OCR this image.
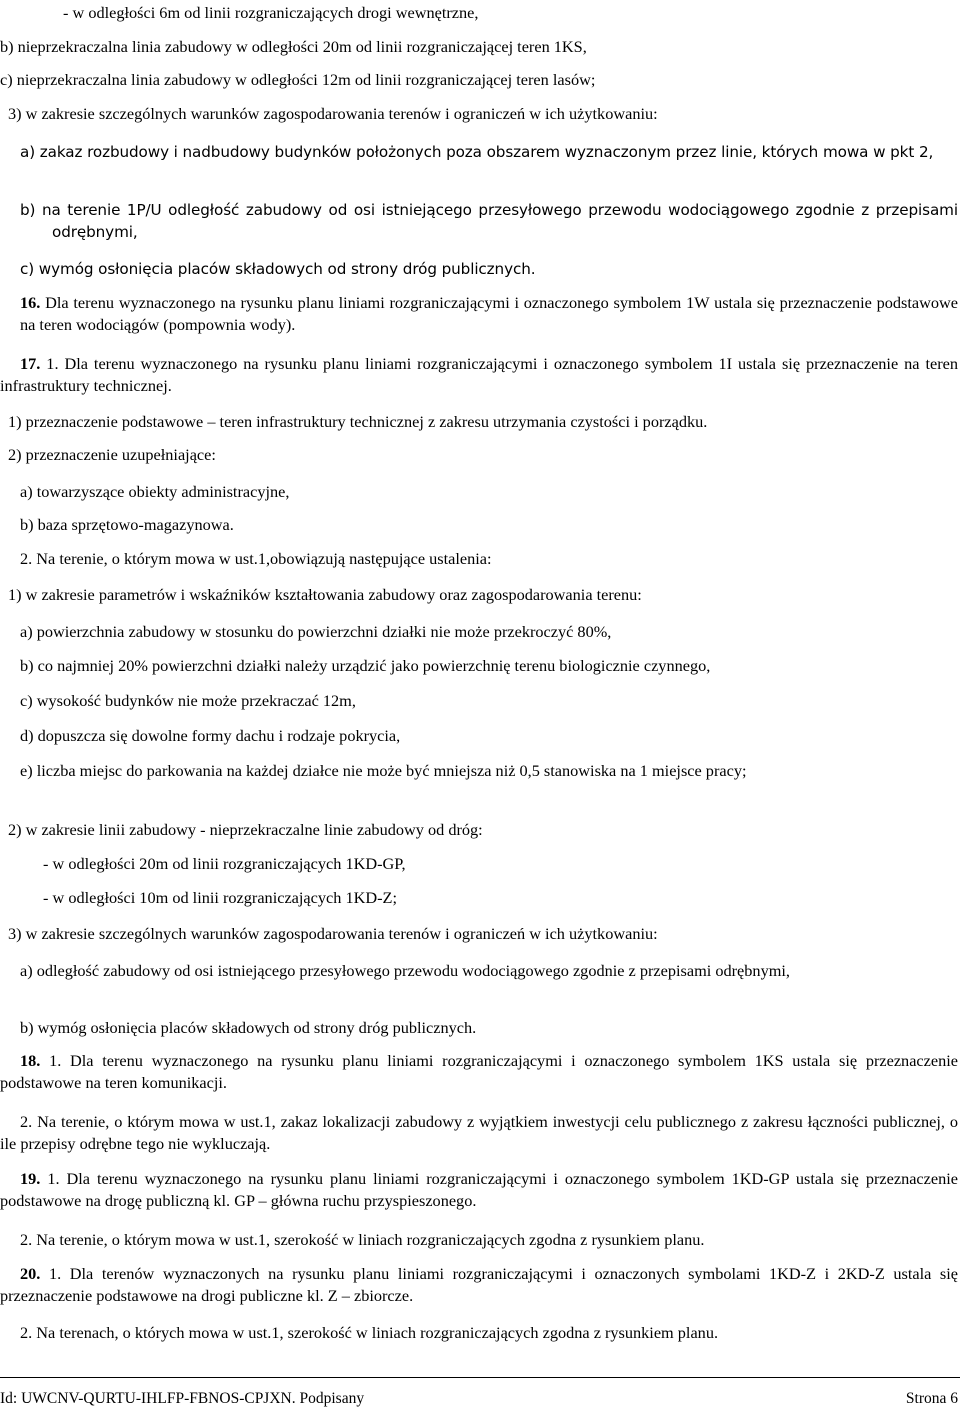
- w odległości 6m od linii rozgraniczających drogi wewnętrzne,

b) nieprzekraczalna linia zabudowy w odległości 20m od linii rozgraniczającej teren 1KS,

c) nieprzekraczalna linia zabudowy w odległości 12m od linii rozgraniczającej teren lasów;

3) w zakresie szczególnych warunków zagospodarowania terenów i ograniczeń w ich użytkowaniu:

a) zakaz rozbudowy i nadbudowy budynków położonych poza obszarem wyznaczonym przez linie, których mowa w pkt 2,

b) na terenie 1P/U odległość zabudowy od osi istniejącego przesyłowego przewodu wodociągowego zgodnie z przepisami odrębnymi,

c) wymóg osłonięcia placów składowych od strony dróg publicznych.

16. Dla terenu wyznaczonego na rysunku planu liniami rozgraniczającymi i oznaczonego symbolem 1W ustala się przeznaczenie podstawowe na teren wodociągów (pompownia wody).

17. 1. Dla terenu wyznaczonego na rysunku planu liniami rozgraniczającymi i oznaczonego symbolem 1I ustala się przeznaczenie na teren infrastruktury technicznej.

1) przeznaczenie podstawowe – teren infrastruktury technicznej z zakresu utrzymania czystości i porządku.

2) przeznaczenie uzupełniające:

a) towarzyszące obiekty administracyjne,

b) baza sprzętowo-magazynowa.

2. Na terenie, o którym mowa w ust.1,obowiązują następujące ustalenia:

1) w zakresie parametrów i wskaźników kształtowania zabudowy oraz zagospodarowania terenu:

a) powierzchnia zabudowy w stosunku do powierzchni działki nie może przekroczyć 80%,

b) co najmniej 20% powierzchni działki należy urządzić jako powierzchnię terenu biologicznie czynnego,

c) wysokość budynków nie może przekraczać 12m,

d) dopuszcza się dowolne formy dachu i rodzaje pokrycia,

e) liczba miejsc do parkowania na każdej działce nie może być mniejsza niż 0,5 stanowiska na 1 miejsce pracy;

2) w zakresie linii zabudowy - nieprzekraczalne linie zabudowy od dróg:

- w odległości 20m od linii rozgraniczających 1KD-GP,

- w odległości 10m od linii rozgraniczających 1KD-Z;

3) w zakresie szczególnych warunków zagospodarowania terenów i ograniczeń w ich użytkowaniu:

a) odległość zabudowy od osi istniejącego przesyłowego przewodu wodociągowego zgodnie z przepisami odrębnymi,

b) wymóg osłonięcia placów składowych od strony dróg publicznych.

18. 1. Dla terenu wyznaczonego na rysunku planu liniami rozgraniczającymi i oznaczonego symbolem 1KS ustala się przeznaczenie podstawowe na teren komunikacji.

2. Na terenie, o którym mowa w ust.1, zakaz lokalizacji zabudowy z wyjątkiem inwestycji celu publicznego z zakresu łączności publicznej, o ile przepisy odrębne tego nie wykluczają.

19. 1. Dla terenu wyznaczonego na rysunku planu liniami rozgraniczającymi i oznaczonego symbolem 1KD-GP ustala się przeznaczenie podstawowe na drogę publiczną kl. GP – główna ruchu przyspieszonego.

2. Na terenie, o którym mowa w ust.1, szerokość w liniach rozgraniczających zgodna z rysunkiem planu.

20. 1. Dla terenów wyznaczonych na rysunku planu liniami rozgraniczającymi i oznaczonych symbolami 1KD-Z i 2KD-Z ustala się przeznaczenie podstawowe na drogi publiczne kl. Z – zbiorcze.

2. Na terenach, o których mowa w ust.1, szerokość w liniach rozgraniczających zgodna z rysunkiem planu.

Id: UWCNV-QURTU-IHLFP-FBNOS-CPJXN. Podpisany	Strona 6
